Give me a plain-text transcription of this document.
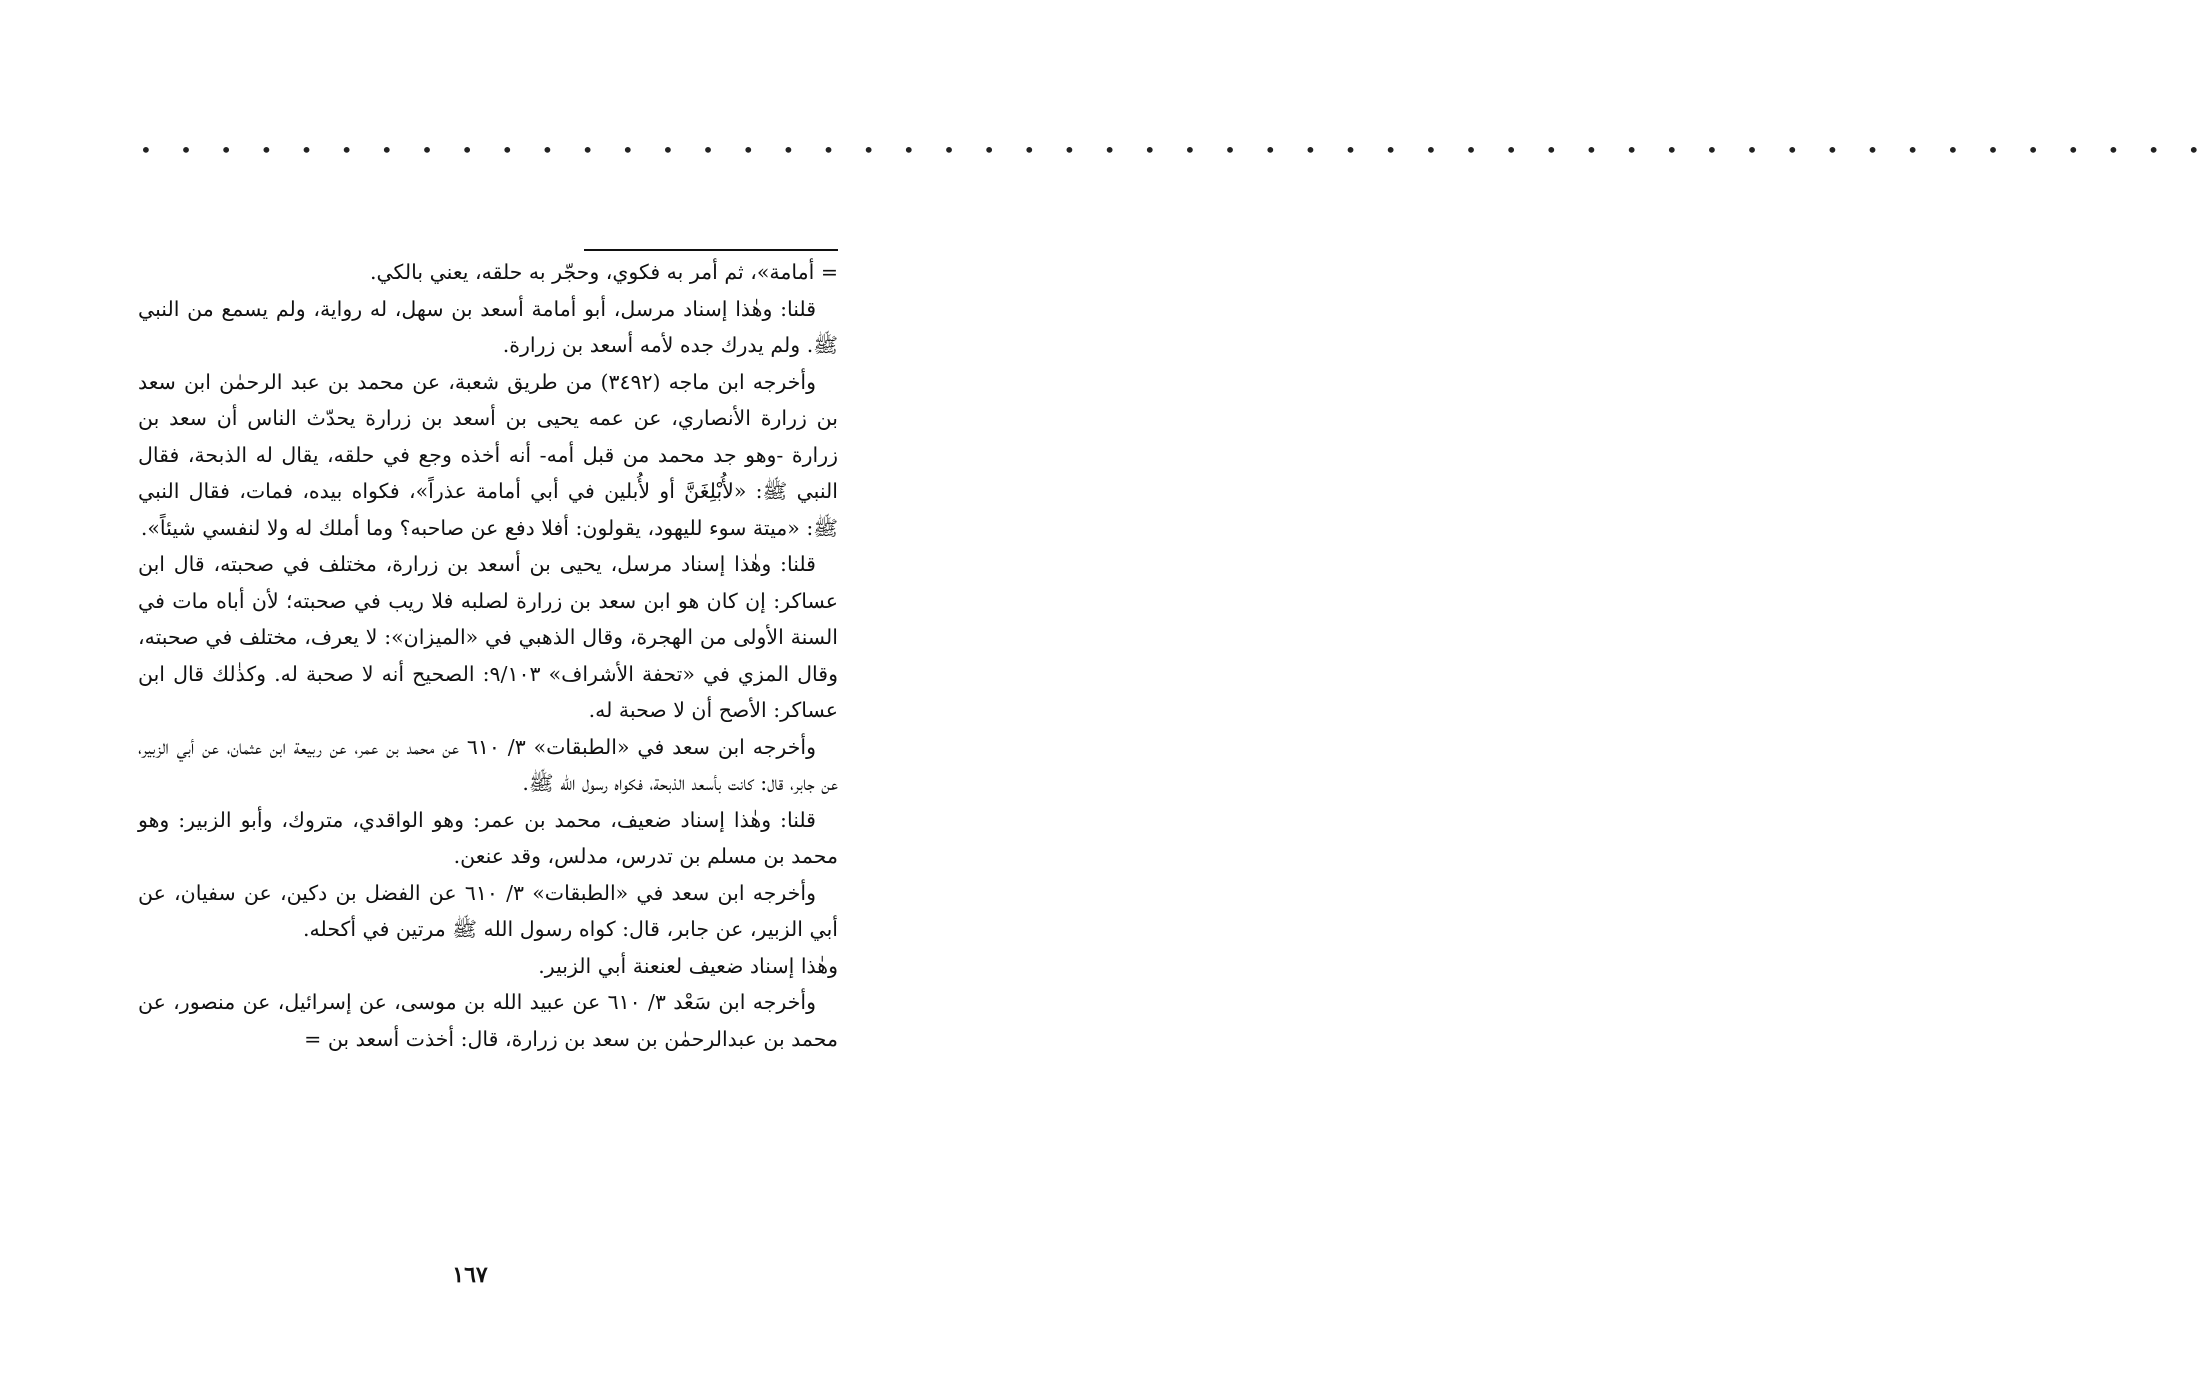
• • • • • • • • • • • • • • • • • • • • • • • • • • • • • • • • • • • • • • • • • • • • • • • • • • • •

= أمامة»، ثم أمر به فكوي، وحجّر به حلقه، يعني بالكي.

قلنا: وهٰذا إسناد مرسل، أبو أمامة أسعد بن سهل، له رواية، ولم يسمع من النبي ﷺ. ولم يدرك جده لأمه أسعد بن زرارة.

وأخرجه ابن ماجه (٣٤٩٢) من طريق شعبة، عن محمد بن عبد الرحمٰن ابن سعد بن زرارة الأنصاري، عن عمه يحيى بن أسعد بن زرارة يحدّث الناس أن سعد بن زرارة -وهو جد محمد من قبل أمه- أنه أخذه وجع في حلقه، يقال له الذبحة، فقال النبي ﷺ: «لأُبْلِغَنَّ أو لأُبلين في أبي أمامة عذراً»، فكواه بيده، فمات، فقال النبي ﷺ: «ميتة سوء لليهود، يقولون: أفلا دفع عن صاحبه؟ وما أملك له ولا لنفسي شيئاً».

قلنا: وهٰذا إسناد مرسل، يحيى بن أسعد بن زرارة، مختلف في صحبته، قال ابن عساكر: إن كان هو ابن سعد بن زرارة لصلبه فلا ريب في صحبته؛ لأن أباه مات في السنة الأولى من الهجرة، وقال الذهبي في «الميزان»: لا يعرف، مختلف في صحبته، وقال المزي في «تحفة الأشراف» ٩/١٠٣: الصحيح أنه لا صحبة له. وكذٰلك قال ابن عساكر: الأصح أن لا صحبة له.

وأخرجه ابن سعد في «الطبقات» ٣/ ٦١٠ عن محمد بن عمر، عن ربيعة ابن عثمان، عن أبي الزبير، عن جابر، قال: كانت بأسعد الذبحة، فكواه رسول الله ﷺ.

قلنا: وهٰذا إسناد ضعيف، محمد بن عمر: وهو الواقدي، متروك، وأبو الزبير: وهو محمد بن مسلم بن تدرس، مدلس، وقد عنعن.

وأخرجه ابن سعد في «الطبقات» ٣/ ٦١٠ عن الفضل بن دكين، عن سفيان، عن أبي الزبير، عن جابر، قال: كواه رسول الله ﷺ مرتين في أكحله.

وهٰذا إسناد ضعيف لعنعنة أبي الزبير.

وأخرجه ابن سَعْد ٣/ ٦١٠ عن عبيد الله بن موسى، عن إسرائيل، عن منصور، عن محمد بن عبدالرحمٰن بن سعد بن زرارة، قال: أخذت أسعد بن =

١٦٧
